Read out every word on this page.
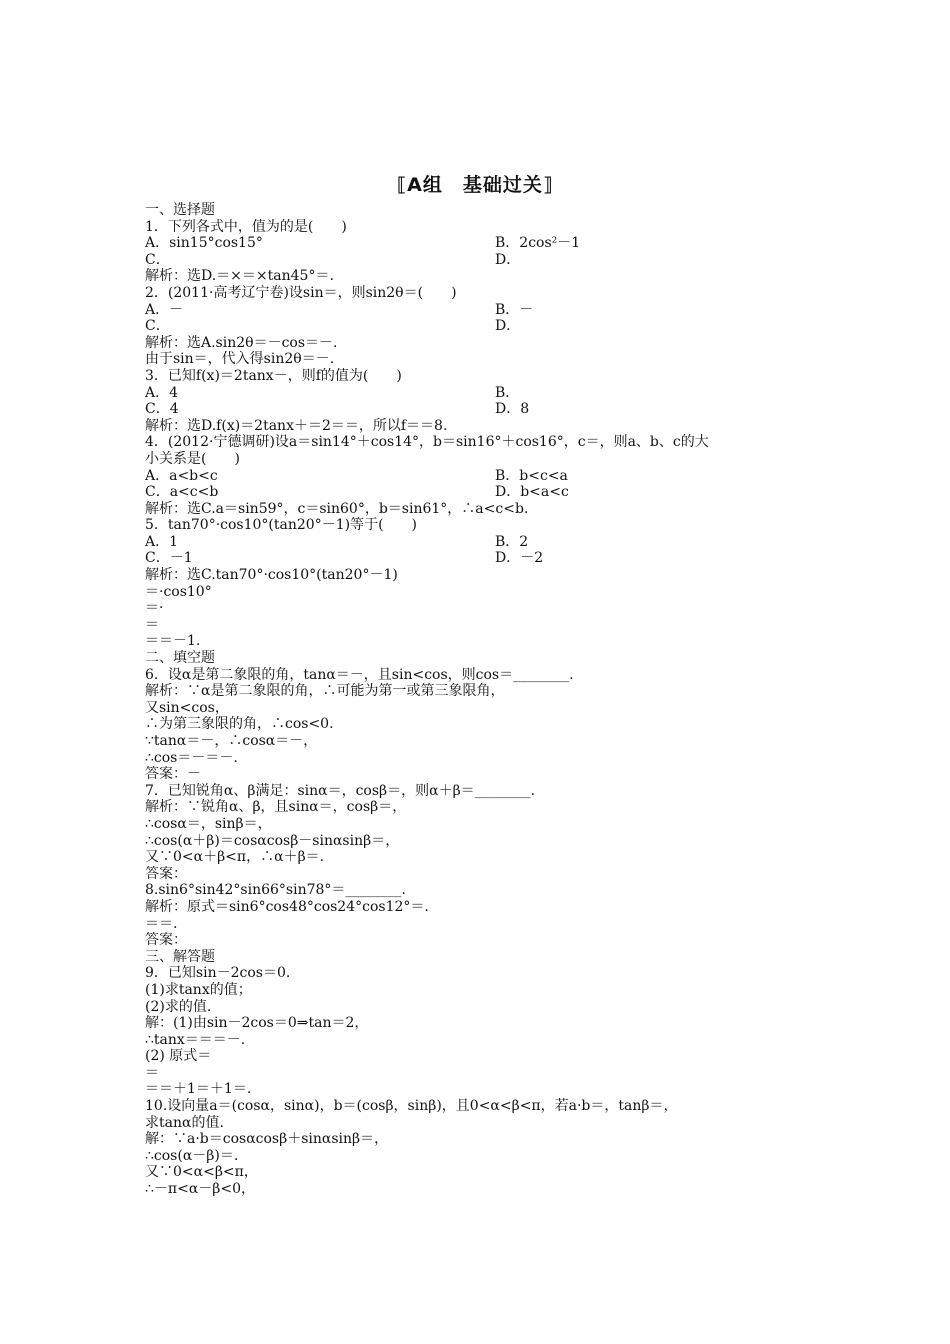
⟦A组　基础过关⟧
一、选择题
1．下列各式中，值为的是(　　)
A．sin15°cos15°	B．2cos²－1
C．	D．
解析：选D.＝×＝×tan45°＝.
2．(2011·高考辽宁卷)设sin＝，则sin2θ＝(　　)
A．－	B．－
C．	D．
解析：选A.sin2θ＝－cos＝－.
由于sin＝，代入得sin2θ＝－.
3．已知f(x)＝2tanx－，则f的值为(　　)
A．4	B．
C．4	D．8
解析：选D.f(x)＝2tanx＋＝2＝＝，所以f＝＝8.
4．(2012·宁德调研)设a＝sin14°＋cos14°，b＝sin16°＋cos16°，c＝，则a、b、c的大
小关系是(　　)
A．a<b<c	B．b<c<a
C．a<c<b	D．b<a<c
解析：选C.a＝sin59°，c＝sin60°，b＝sin61°，∴a<c<b.
5．tan70°·cos10°(tan20°－1)等于(　　)
A．1	B．2
C．－1	D．－2
解析：选C.tan70°·cos10°(tan20°－1)
＝·cos10°
＝·
＝
＝＝－1.
二、填空题
6．设α是第二象限的角，tanα＝－，且sin<cos，则cos＝________.
解析：∵α是第二象限的角，∴可能为第一或第三象限角，
又sin<cos，
∴为第三象限的角，∴cos<0.
∵tanα＝－，∴cosα＝－，
∴cos＝－＝－.
答案：－
7．已知锐角α、β满足：sinα＝，cosβ＝，则α＋β＝________.
解析：∵锐角α、β，且sinα＝，cosβ＝，
∴cosα＝，sinβ＝，
∴cos(α＋β)＝cosαcosβ－sinαsinβ＝，
又∵0<α＋β<π，∴α＋β＝.
答案：
8.sin6°sin42°sin66°sin78°＝________.
解析：原式＝sin6°cos48°cos24°cos12°＝.
＝＝.
答案：
三、解答题
9．已知sin－2cos＝0.
(1)求tanx的值；
(2)求的值.
解：(1)由sin－2cos＝0⇒tan＝2，
∴tanx＝＝＝－.
(2) 原式＝
＝
＝＝＋1＝＋1＝.
10.设向量a＝(cosα，sinα)，b＝(cosβ，sinβ)，且0<α<β<π，若a·b＝，tanβ＝，
求tanα的值.
解：∵a·b＝cosαcosβ＋sinαsinβ＝，
∴cos(α－β)＝.
又∵0<α<β<π，
∴－π<α－β<0，
